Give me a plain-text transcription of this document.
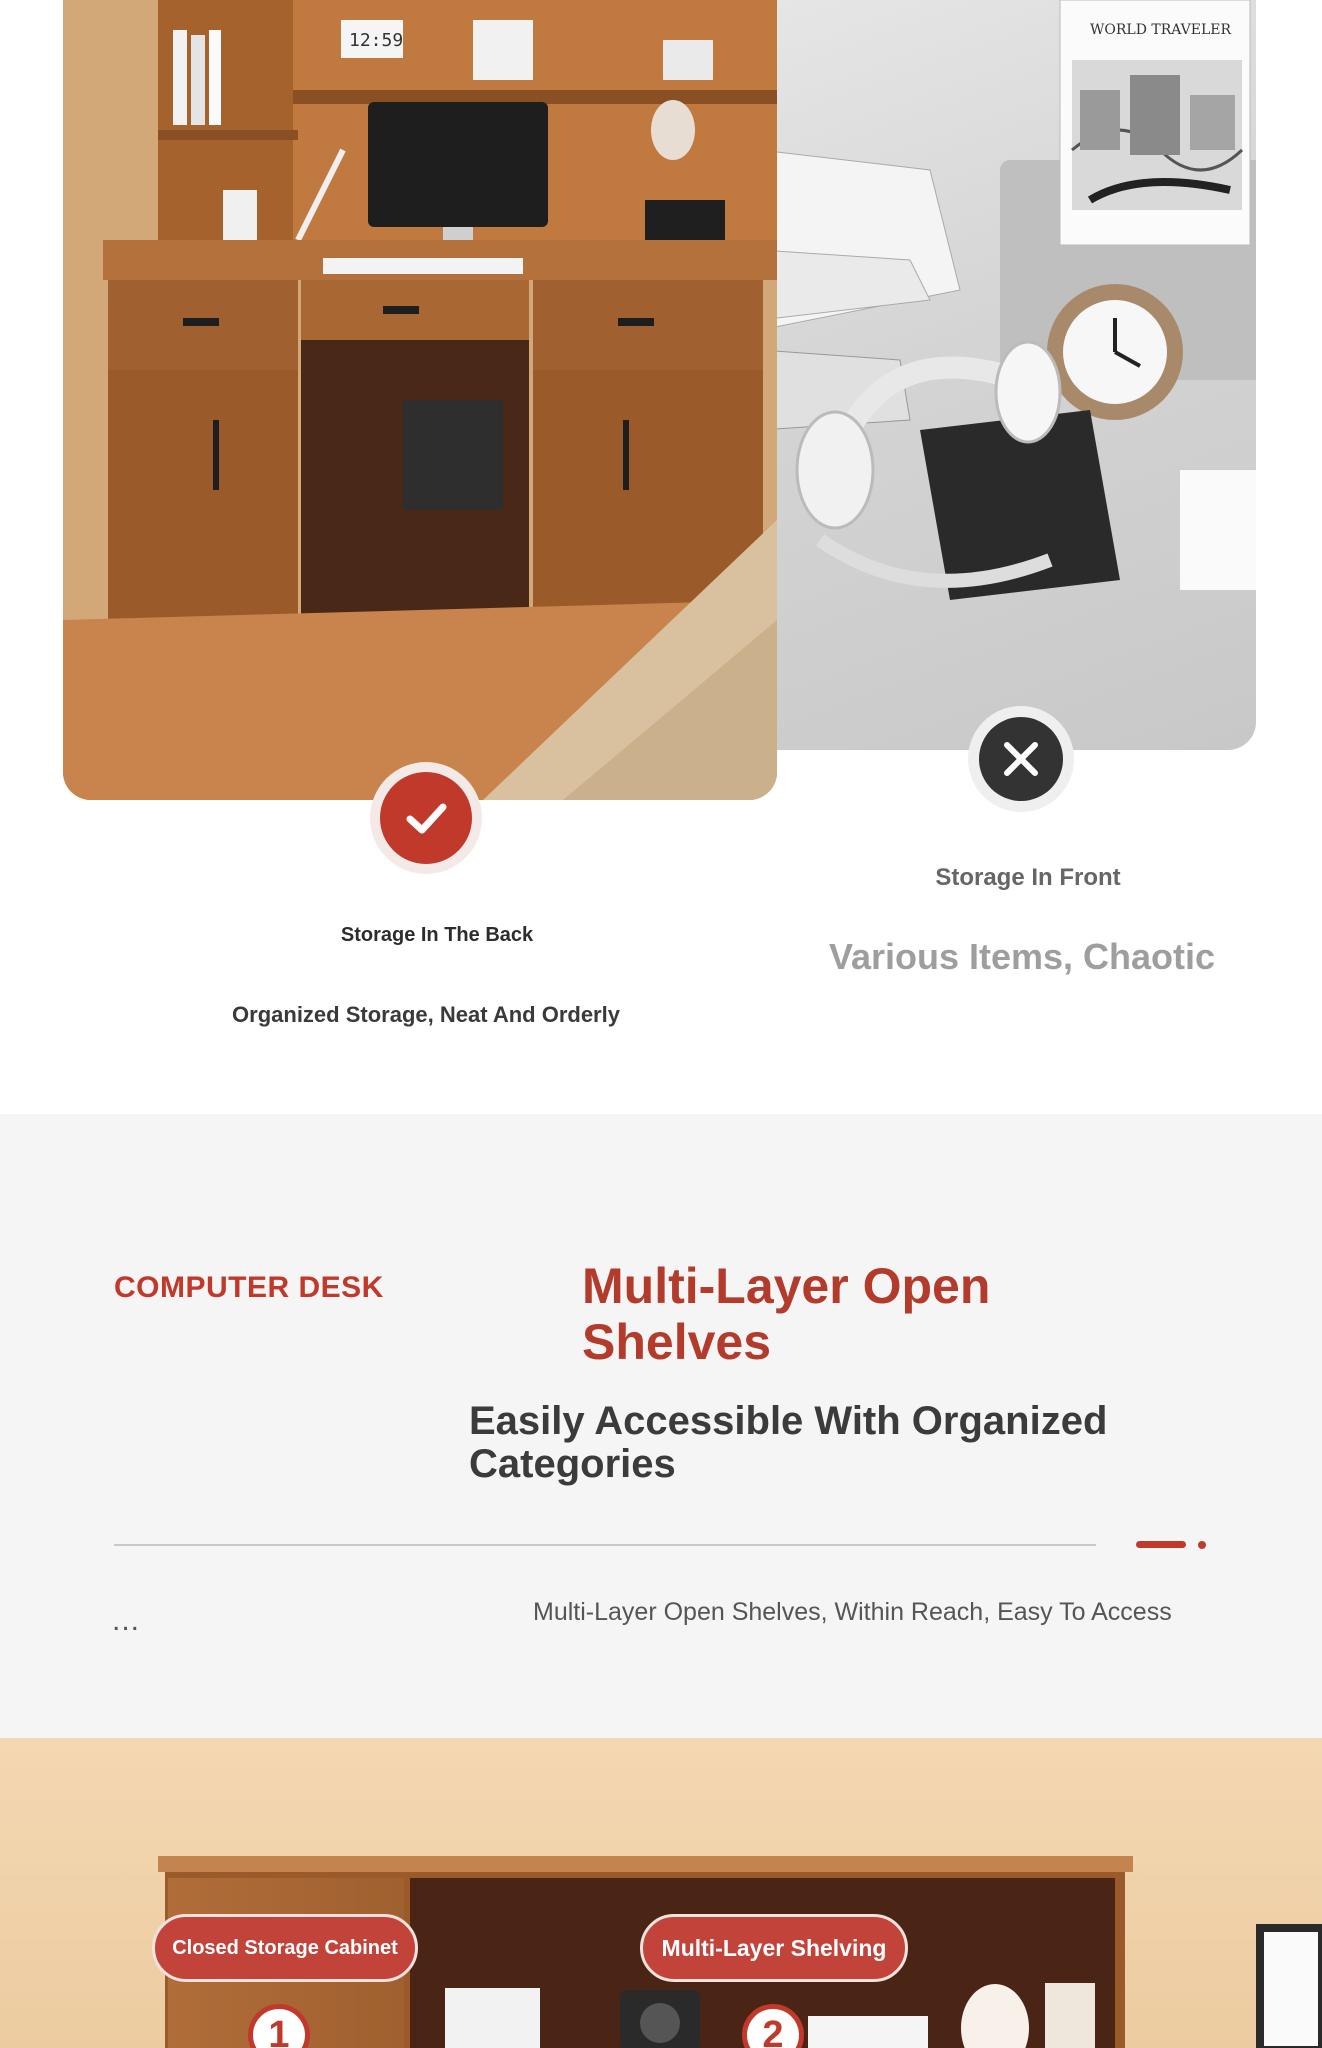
WORLD TRAVELER
12:59
Storage In The Back
Organized Storage, Neat And Orderly
Storage In Front
Various Items, Chaotic
COMPUTER DESK	Multi-Layer Open Shelves
Easily Accessible With Organized Categories
...	Multi-Layer Open Shelves, Within Reach, Easy To Access

Closed Storage Cabinet	Multi-Layer Shelving
1	2
